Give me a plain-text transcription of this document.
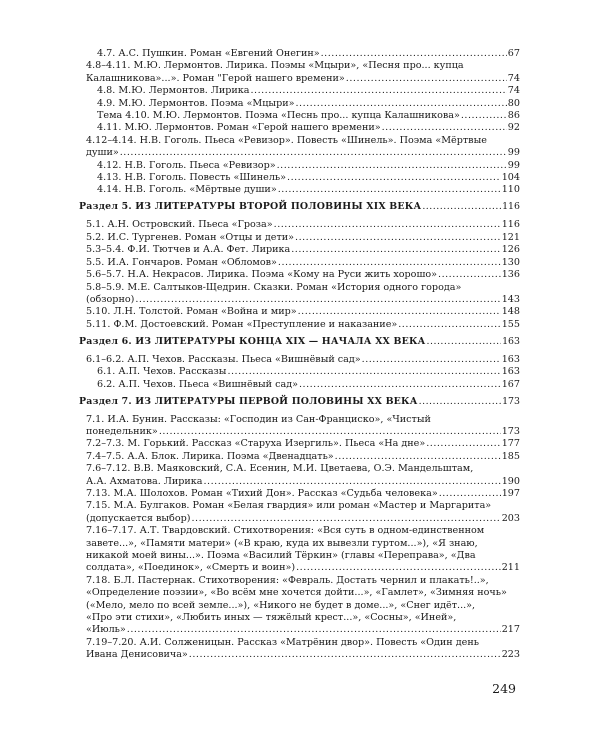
4.7. А.С. Пушкин. Роман «Евгений Онегин» .....	67
4.8–4.11. М.Ю. Лермонтов. Лирика. Поэмы «Мцыри», «Песня про... купца
Калашникова»...». Роман "Герой нашего времени» .....	74
4.8. М.Ю. Лермонтов. Лирика .....	74
4.9. М.Ю. Лермонтов. Поэма «Мцыри» .....	80
Тема 4.10. М.Ю. Лермонтов. Поэма «Песнь про... купца Калашникова» .....	86
4.11. М.Ю. Лермонтов. Роман «Герой нашего времени» .....	92
4.12–4.14. Н.В. Гоголь. Пьеса «Ревизор». Повесть «Шинель». Поэма «Мёртвые
души» .....	99
4.12. Н.В. Гоголь. Пьеса «Ревизор» .....	99
4.13. Н.В. Гоголь. Повесть «Шинель» .....	104
4.14. Н.В. Гоголь. «Мёртвые души» .....	110
Раздел 5. ИЗ ЛИТЕРАТУРЫ ВТОРОЙ ПОЛОВИНЫ XIX ВЕКА .....	116
5.1. А.Н. Островский. Пьеса «Гроза» .....	116
5.2. И.С. Тургенев. Роман «Отцы и дети» .....	121
5.3–5.4. Ф.И. Тютчев и А.А. Фет. Лирика .....	126
5.5. И.А. Гончаров. Роман «Обломов» .....	130
5.6–5.7. Н.А. Некрасов. Лирика. Поэма «Кому на Руси жить хорошо» .....	136
5.8–5.9. М.Е. Салтыков-Щедрин. Сказки. Роман «История одного города»
(обзорно) .....	143
5.10. Л.Н. Толстой. Роман «Война и мир» .....	148
5.11. Ф.М. Достоевский. Роман «Преступление и наказание» .....	155
Раздел 6. ИЗ ЛИТЕРАТУРЫ КОНЦА XIX — НАЧАЛА XX ВЕКА .....	163
6.1–6.2. А.П. Чехов. Рассказы. Пьеса «Вишнёвый сад» .....	163
6.1. А.П. Чехов. Рассказы .....	163
6.2. А.П. Чехов. Пьеса «Вишнёвый сад» .....	167
Раздел 7. ИЗ ЛИТЕРАТУРЫ ПЕРВОЙ ПОЛОВИНЫ XX ВЕКА .....	173
7.1. И.А. Бунин. Рассказы: «Господин из Сан-Франциско», «Чистый
понедельник» .....	173
7.2–7.3. М. Горький. Рассказ «Старуха Изергиль». Пьеса «На дне» .....	177
7.4–7.5. А.А. Блок. Лирика. Поэма «Двенадцать» .....	185
7.6–7.12. В.В. Маяковский, С.А. Есенин, М.И. Цветаева, О.Э. Мандельштам,
А.А. Ахматова. Лирика .....	190
7.13. М.А. Шолохов. Роман «Тихий Дон». Рассказ «Судьба человека» .....	197
7.15. М.А. Булгаков. Роман «Белая гвардия» или роман «Мастер и Маргарита»
(допускается выбор) .....	203
7.16–7.17. А.Т. Твардовский. Стихотворения: «Вся суть в одном-единственном
завете...», «Памяти матери» («В краю, куда их вывезли гуртом...»), «Я знаю,
никакой моей вины...». Поэма «Василий Тёркин» (главы «Переправа», «Два
солдата», «Поединок», «Смерть и воин») .....	211
7.18. Б.Л. Пастернак. Стихотворения: «Февраль. Достать чернил и плакать!..»,
«Определение поэзии», «Во всём мне хочется дойти...», «Гамлет», «Зимняя ночь»
(«Мело, мело по всей земле...»), «Никого не будет в доме...», «Снег идёт...»,
«Про эти стихи», «Любить иных — тяжёлый крест...», «Сосны», «Иней»,
«Июль» .....	217
7.19–7.20. А.И. Солженицын. Рассказ «Матрёнин двор». Повесть «Один день
Ивана Денисовича» .....	223
249
